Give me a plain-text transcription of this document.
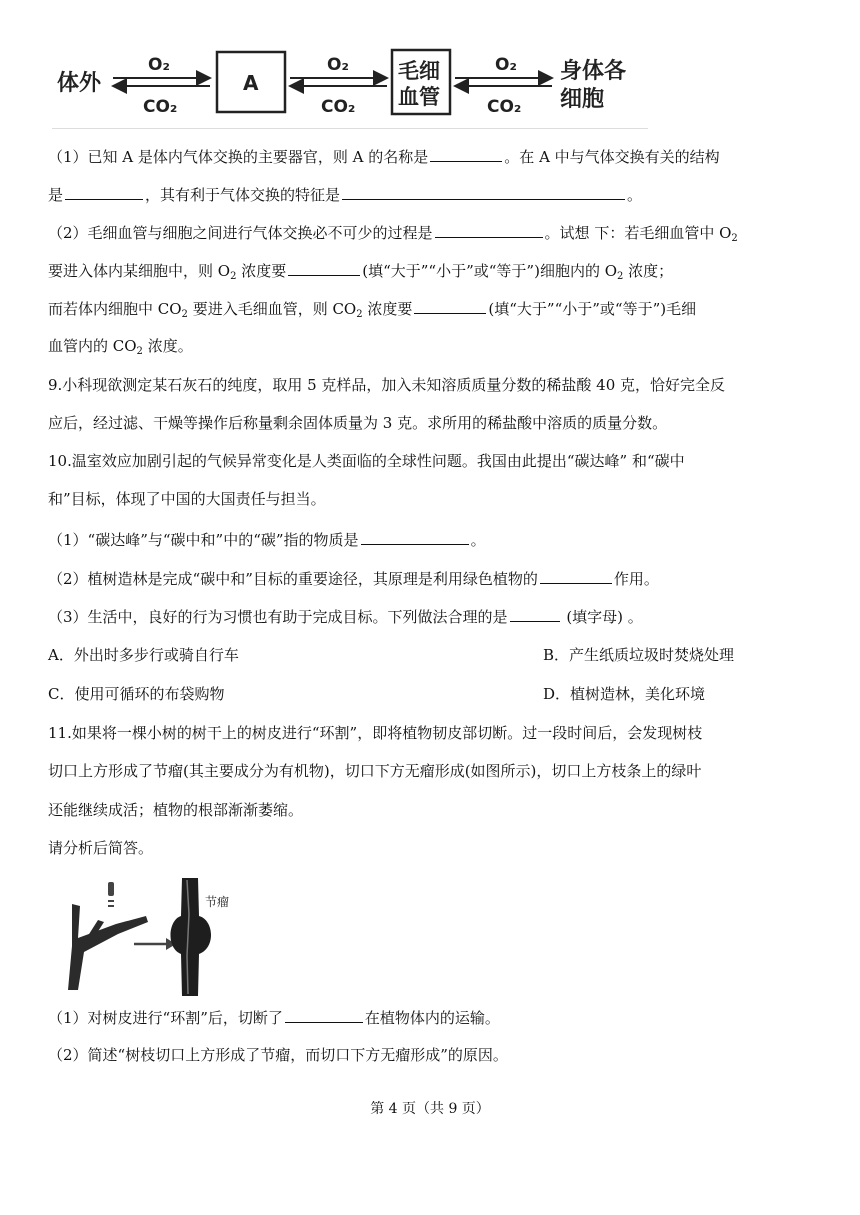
体外
O₂
CO₂
A
O₂
CO₂
毛细
血管
O₂
CO₂
身体各
细胞
（1）已知 A 是体内气体交换的主要器官，则 A 的名称是	。在 A 中与气体交换有关的结构
是	，其有利于气体交换的特征是	。
（2）毛细血管与细胞之间进行气体交换必不可少的过程是	。试想 下：若毛细血管中 $O_2$
要进入体内某细胞中，则 $O_2$ 浓度要	(填“大于”“小于”或“等于”)细胞内的 $O_2$ 浓度；
而若体内细胞中 $CO_2$ 要进入毛细血管，则 $CO_2$ 浓度要	(填“大于”“小于”或“等于”)毛细
血管内的 $CO_2$ 浓度。
9.小科现欲测定某石灰石的纯度，取用 5 克样品，加入未知溶质质量分数的稀盐酸 40 克，恰好完全反
应后，经过滤、干燥等操作后称量剩余固体质量为 3 克。求所用的稀盐酸中溶质的质量分数。
10.温室效应加剧引起的气候异常变化是人类面临的全球性问题。我国由此提出“碳达峰” 和“碳中
和”目标，体现了中国的大国责任与担当。
（1）“碳达峰”与“碳中和”中的“碳”指的物质是	。
（2）植树造林是完成“碳中和”目标的重要途径，其原理是利用绿色植物的	作用。
（3）生活中，良好的行为习惯也有助于完成目标。下列做法合理的是	(填字母) 。
A．外出时多步行或骑自行车	B．产生纸质垃圾时焚烧处理
C．使用可循环的布袋购物	D．植树造林，美化环境
11.如果将一棵小树的树干上的树皮进行“环割”，即将植物韧皮部切断。过一段时间后，会发现树枝
切口上方形成了节瘤(其主要成分为有机物)，切口下方无瘤形成(如图所示)，切口上方枝条上的绿叶
还能继续成活；植物的根部渐渐萎缩。
请分析后简答。
节瘤
（1）对树皮进行“环割”后，切断了	在植物体内的运输。
（2）简述“树枝切口上方形成了节瘤，而切口下方无瘤形成”的原因。
第 4 页（共 9 页）
